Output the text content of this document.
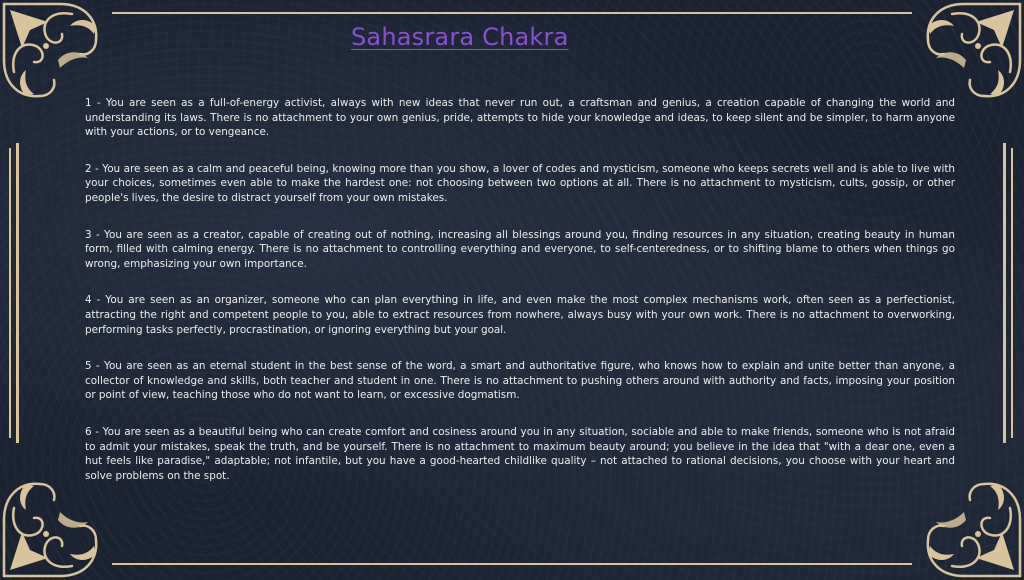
Sahasrara Chakra

1 - You are seen as a full-of-energy activist, always with new ideas that never run out, a craftsman and genius, a creation capable of changing the world and understanding its laws. There is no attachment to your own genius, pride, attempts to hide your knowledge and ideas, to keep silent and be simpler, to harm anyone with your actions, or to vengeance.

2 - You are seen as a calm and peaceful being, knowing more than you show, a lover of codes and mysticism, someone who keeps secrets well and is able to live with your choices, sometimes even able to make the hardest one: not choosing between two options at all. There is no attachment to mysticism, cults, gossip, or other people's lives, the desire to distract yourself from your own mistakes.

3 - You are seen as a creator, capable of creating out of nothing, increasing all blessings around you, finding resources in any situation, creating beauty in human form, filled with calming energy. There is no attachment to controlling everything and everyone, to self-centeredness, or to shifting blame to others when things go wrong, emphasizing your own importance.

4 - You are seen as an organizer, someone who can plan everything in life, and even make the most complex mechanisms work, often seen as a perfectionist, attracting the right and competent people to you, able to extract resources from nowhere, always busy with your own work. There is no attachment to overworking, performing tasks perfectly, procrastination, or ignoring everything but your goal.

5 - You are seen as an eternal student in the best sense of the word, a smart and authoritative figure, who knows how to explain and unite better than anyone, a collector of knowledge and skills, both teacher and student in one. There is no attachment to pushing others around with authority and facts, imposing your position or point of view, teaching those who do not want to learn, or excessive dogmatism.

6 - You are seen as a beautiful being who can create comfort and cosiness around you in any situation, sociable and able to make friends, someone who is not afraid to admit your mistakes, speak the truth, and be yourself. There is no attachment to maximum beauty around; you believe in the idea that "with a dear one, even a hut feels like paradise," adaptable; not infantile, but you have a good-hearted childlike quality – not attached to rational decisions, you choose with your heart and solve problems on the spot.
